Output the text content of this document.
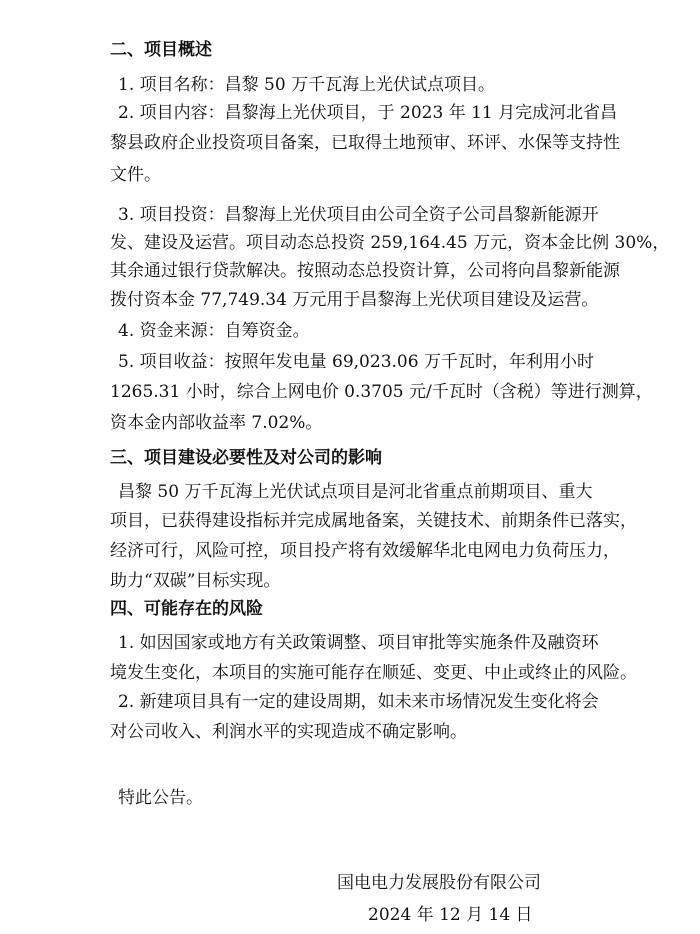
二、项目概述
1. 项目名称：昌黎 50 万千瓦海上光伏试点项目。
2. 项目内容：昌黎海上光伏项目，于 2023 年 11 月完成河北省昌
黎县政府企业投资项目备案，已取得土地预审、环评、水保等支持性
文件。
3. 项目投资：昌黎海上光伏项目由公司全资子公司昌黎新能源开
发、建设及运营。项目动态总投资 259,164.45 万元，资本金比例 30%，
其余通过银行贷款解决。按照动态总投资计算，公司将向昌黎新能源
拨付资本金 77,749.34 万元用于昌黎海上光伏项目建设及运营。
4. 资金来源：自筹资金。
5. 项目收益：按照年发电量 69,023.06 万千瓦时，年利用小时
1265.31 小时，综合上网电价 0.3705 元/千瓦时（含税）等进行测算，
资本金内部收益率 7.02%。
三、项目建设必要性及对公司的影响
昌黎 50 万千瓦海上光伏试点项目是河北省重点前期项目、重大
项目，已获得建设指标并完成属地备案，关键技术、前期条件已落实，
经济可行，风险可控，项目投产将有效缓解华北电网电力负荷压力，
助力“双碳”目标实现。
四、可能存在的风险
1. 如因国家或地方有关政策调整、项目审批等实施条件及融资环
境发生变化，本项目的实施可能存在顺延、变更、中止或终止的风险。
2. 新建项目具有一定的建设周期，如未来市场情况发生变化将会
对公司收入、利润水平的实现造成不确定影响。
特此公告。
国电电力发展股份有限公司
2024 年 12 月 14 日
